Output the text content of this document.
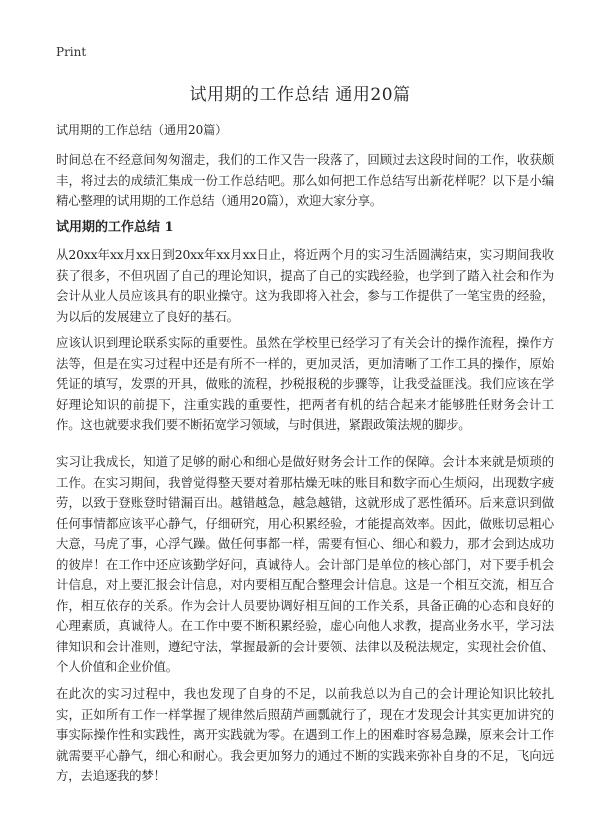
Print
试用期的工作总结 通用20篇

试用期的工作总结（通用20篇）

时间总在不经意间匆匆溜走，我们的工作又告一段落了，回顾过去这段时间的工作，收获颇丰，将过去的成绩汇集成一份工作总结吧。那么如何把工作总结写出新花样呢？以下是小编精心整理的试用期的工作总结（通用20篇），欢迎大家分享。

试用期的工作总结 1

从20xx年xx月xx日到20xx年xx月xx日止，将近两个月的实习生活圆满结束，实习期间我收获了很多，不但巩固了自己的理论知识，提高了自己的实践经验，也学到了踏入社会和作为会计从业人员应该具有的职业操守。这为我即将入社会，参与工作提供了一笔宝贵的经验，为以后的发展建立了良好的基石。

应该认识到理论联系实际的重要性。虽然在学校里已经学习了有关会计的操作流程，操作方法等，但是在实习过程中还是有所不一样的，更加灵活，更加清晰了工作工具的操作，原始凭证的填写，发票的开具，做账的流程，抄税报税的步骤等，让我受益匪浅。我们应该在学好理论知识的前提下，注重实践的重要性，把两者有机的结合起来才能够胜任财务会计工作。这也就要求我们要不断拓宽学习领域，与时俱进，紧跟政策法规的脚步。

实习让我成长，知道了足够的耐心和细心是做好财务会计工作的保障。会计本来就是烦琐的工作。在实习期间，我曾觉得整天要对着那枯燥无味的账目和数字而心生烦闷，出现数字疲劳，以致于登账登时错漏百出。越错越急，越急越错，这就形成了恶性循环。后来意识到做任何事情都应该平心静气，仔细研究，用心积累经验，才能提高效率。因此，做账切忌粗心大意，马虎了事，心浮气躁。做任何事都一样，需要有恒心、细心和毅力，那才会到达成功的彼岸！在工作中还应该勤学好问，真诚待人。会计部门是单位的核心部门，对下要手机会计信息，对上要汇报会计信息，对内要相互配合整理会计信息。这是一个相互交流，相互合作，相互依存的关系。作为会计人员要协调好相互间的工作关系，具备正确的心态和良好的心理素质，真诚待人。在工作中要不断积累经验，虚心向他人求教，提高业务水平，学习法律知识和会计准则，遵纪守法，掌握最新的会计要领、法律以及税法规定，实现社会价值、个人价值和企业价值。

在此次的实习过程中，我也发现了自身的不足，以前我总以为自己的会计理论知识比较扎实，正如所有工作一样掌握了规律然后照葫芦画瓢就行了，现在才发现会计其实更加讲究的事实际操作性和实践性，离开实践就为零。在遇到工作上的困难时容易急躁，原来会计工作就需要平心静气，细心和耐心。我会更加努力的通过不断的实践来弥补自身的不足，飞向远方，去追逐我的梦！
